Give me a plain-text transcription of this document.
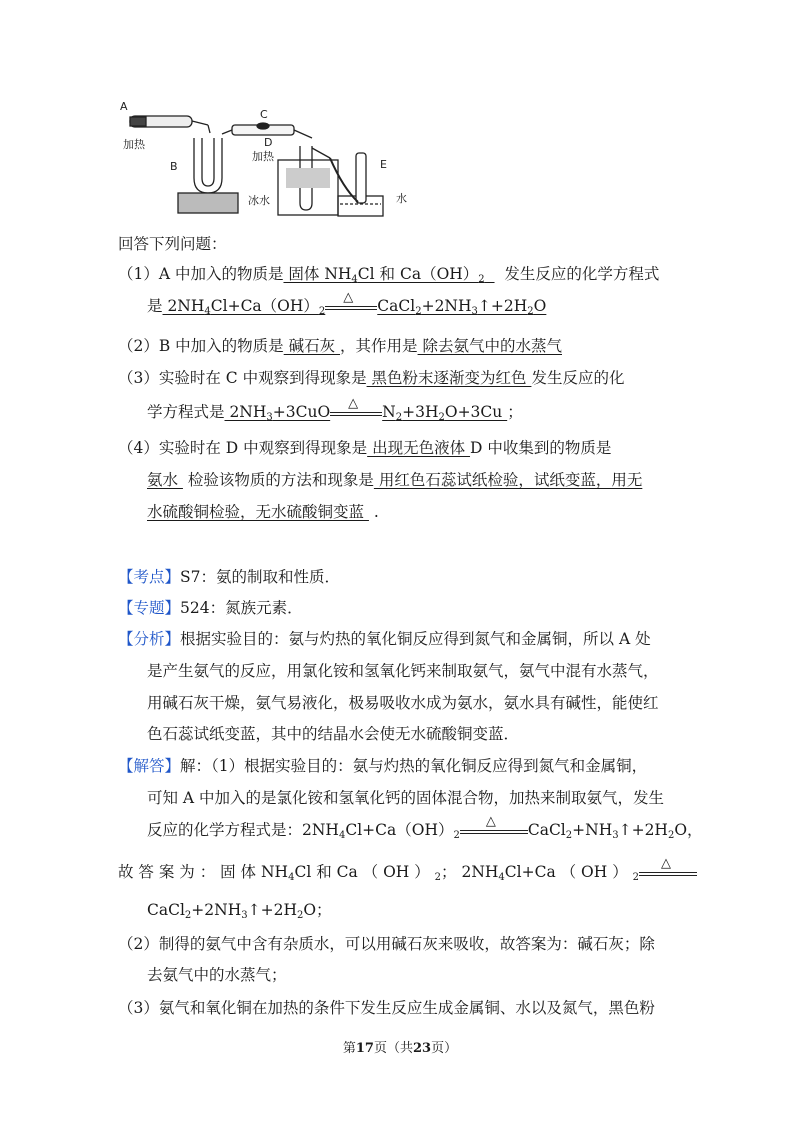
A
加热
B
C
D
加热
冰水
E
水
回答下列问题：
（1）A 中加入的物质是 固体 $NH_4Cl$ 和 $Ca(OH)_2$ 发生反应的化学方程式
是 $2NH_4Cl+Ca(OH)_2$
△ $CaCl_2+2NH_3↑+2H_2O$
（2）B 中加入的物质是 碱石灰 ，其作用是 除去氨气中的水蒸气
（3）实验时在 C 中观察到得现象是 黑色粉末逐渐变为红色 发生反应的化
学方程式是 $2NH_3+3CuO$ △ $N_2+3H_2O+3Cu$ ；
（4）实验时在 D 中观察到得现象是 出现无色液体 D 中收集到的物质是
氨水  检验该物质的方法和现象是 用红色石蕊试纸检验，试纸变蓝，用无
水硫酸铜检验，无水硫酸铜变蓝  .
【考点】S7：氨的制取和性质．
【专题】524：氮族元素．
【分析】根据实验目的：氨与灼热的氧化铜反应得到氮气和金属铜，所以 A 处
是产生氨气的反应，用氯化铵和氢氧化钙来制取氨气，氨气中混有水蒸气，
用碱石灰干燥，氨气易液化，极易吸收水成为氨水，氨水具有碱性，能使红
色石蕊试纸变蓝，其中的结晶水会使无水硫酸铜变蓝．
【解答】解：（1）根据实验目的：氨与灼热的氧化铜反应得到氮气和金属铜，
可知 A 中加入的是氯化铵和氢氧化钙的固体混合物，加热来制取氨气，发生
反应的化学方程式是：$2NH_4Cl+Ca(OH)_2$
△ $CaCl_2+NH_3↑+2H_2O$，
故 答 案 为 ： 固 体 $NH_4Cl$ 和 Ca （ OH ） $_2$； $2NH_4Cl+Ca$ （ OH ） $_2$
△
$CaCl_2+2NH_3↑+2H_2O$；
（2）制得的氨气中含有杂质水，可以用碱石灰来吸收，故答案为：碱石灰；除
去氨气中的水蒸气；
（3）氨气和氧化铜在加热的条件下发生反应生成金属铜、水以及氮气，黑色粉
第17页（共23页）
